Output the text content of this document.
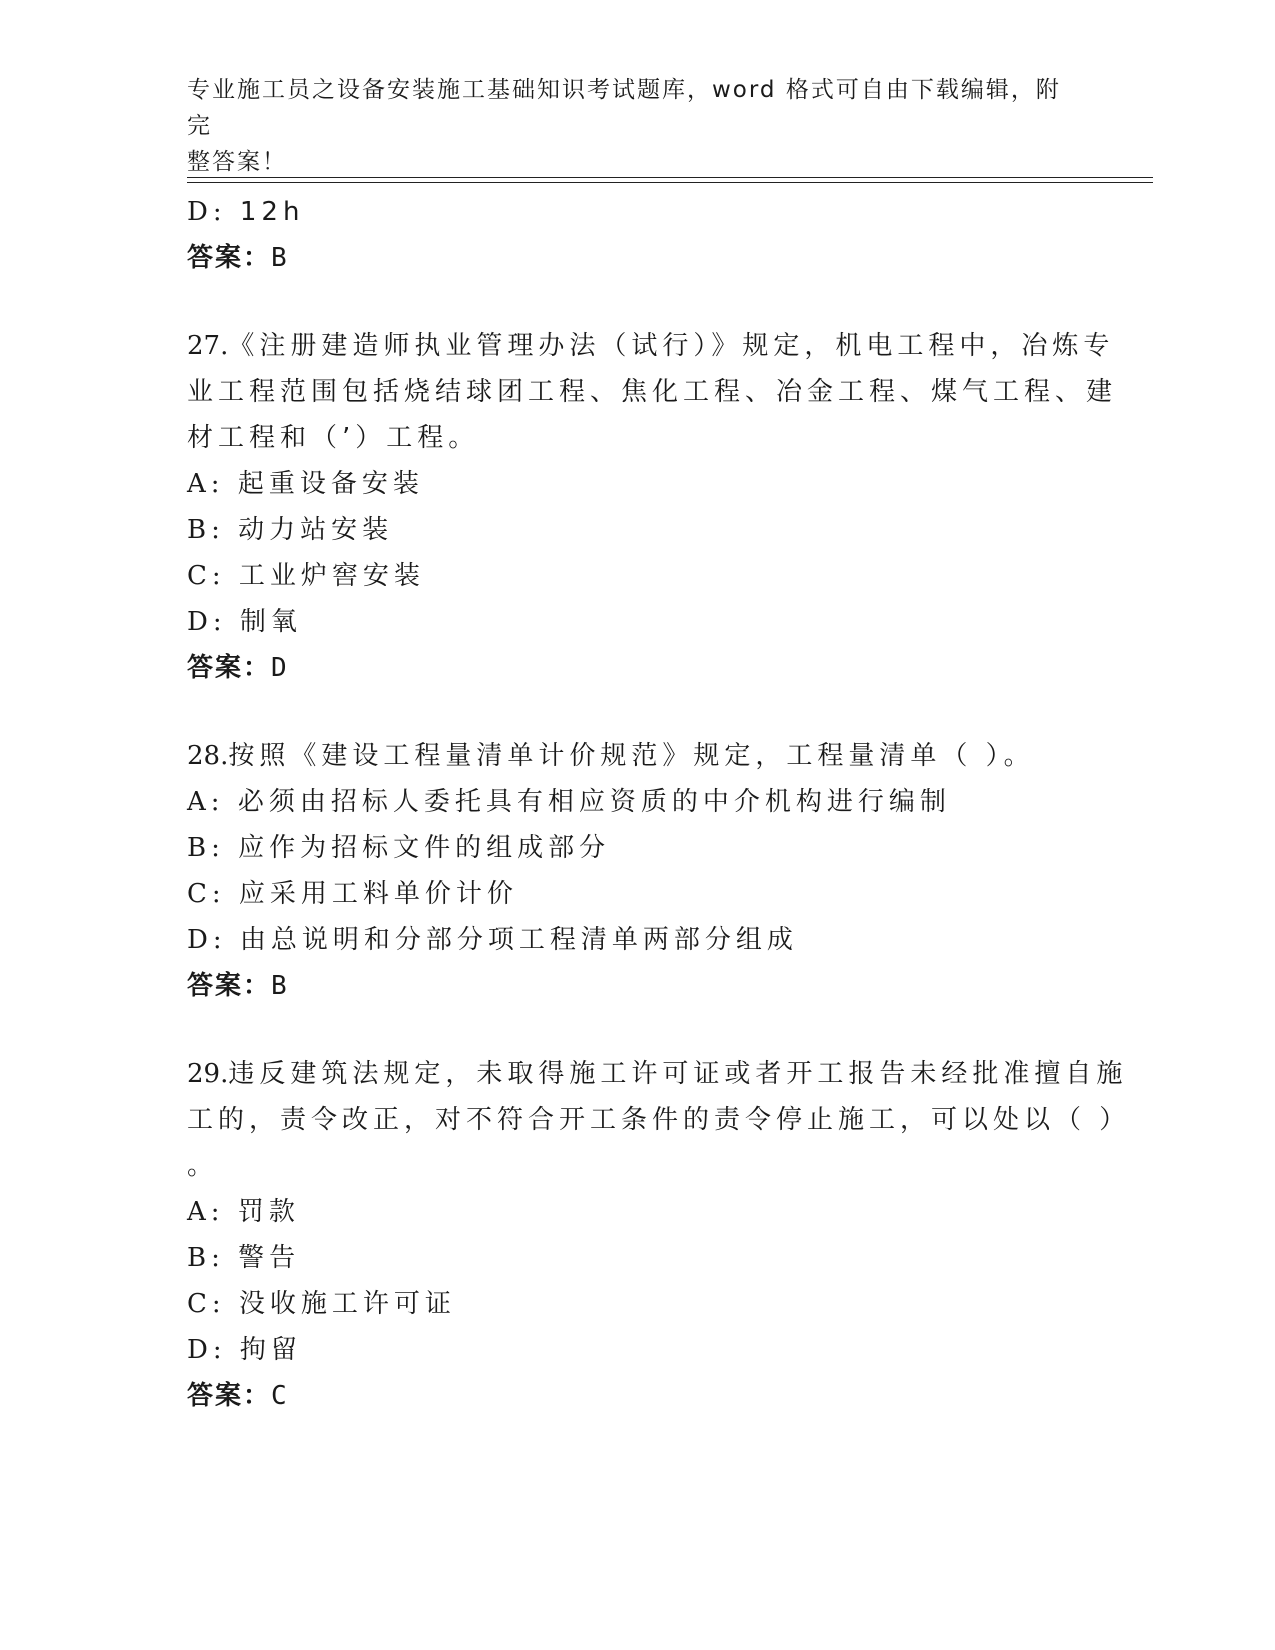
专业施工员之设备安装施工基础知识考试题库，word 格式可自由下载编辑，附完
整答案！
D: 12h
答案：B
27.《注册建造师执业管理办法（试行）》规定，机电工程中，冶炼专
业工程范围包括烧结球团工程、焦化工程、冶金工程、煤气工程、建
材工程和（’）工程。
A: 起重设备安装
B: 动力站安装
C: 工业炉窖安装
D: 制氧
答案：D
28.按照《建设工程量清单计价规范》规定，工程量清单（ ）。
A: 必须由招标人委托具有相应资质的中介机构进行编制
B: 应作为招标文件的组成部分
C: 应采用工料单价计价
D: 由总说明和分部分项工程清单两部分组成
答案：B
29.违反建筑法规定，未取得施工许可证或者开工报告未经批准擅自施
工的，责令改正，对不符合开工条件的责令停止施工，可以处以（ ）
。
A: 罚款
B: 警告
C: 没收施工许可证
D: 拘留
答案：C
